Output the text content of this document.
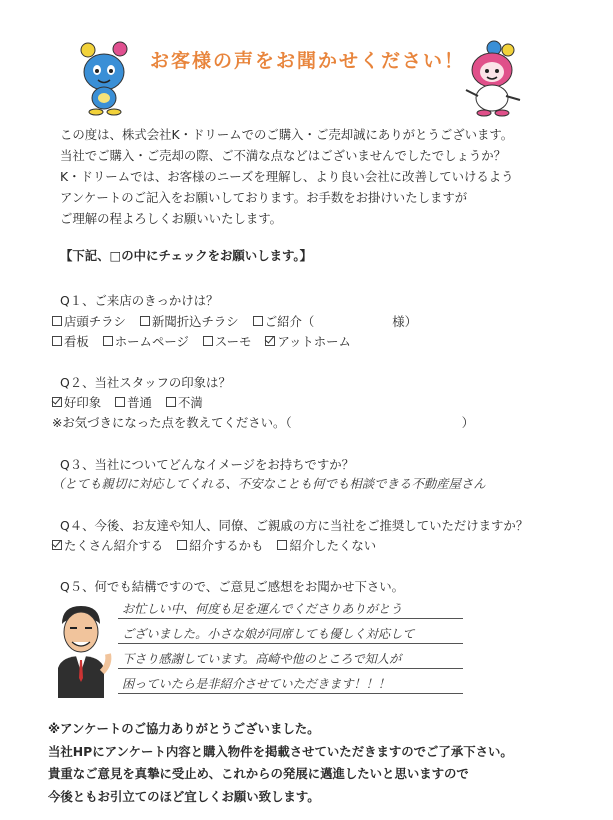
お客様の声をお聞かせください！
この度は、株式会社K・ドリームでのご購入・ご売却誠にありがとうございます。
当社でご購入・ご売却の際、ご不満な点などはございませんでしたでしょうか？
K・ドリームでは、お客様のニーズを理解し、より良い会社に改善していけるよう
アンケートのご記入をお願いしております。お手数をお掛けいたしますが
ご理解の程よろしくお願いいたします。
【下記、□の中にチェックをお願いします。】
Q１、ご来店のきっかけは？
店頭チラシ 新聞折込チラシ ご紹介（	様）
看板 ホームページ スーモ アットホーム
Q２、当社スタッフの印象は？
好印象 普通 不満
※お気づきになった点を教えてください。（	）
Q３、当社についてどんなイメージをお持ちですか？
（とても親切に対応してくれる、不安なことも何でも相談できる不動産屋さん
Q４、今後、お友達や知人、同僚、ご親戚の方に当社をご推奨していただけますか？
たくさん紹介する 紹介するかも 紹介したくない
Q５、何でも結構ですので、ご意見ご感想をお聞かせ下さい。
お忙しい中、何度も足を運んでくださりありがとう
ございました。小さな娘が同席しても優しく対応して
下さり感謝しています。高崎や他のところで知人が
困っていたら是非紹介させていただきます！！！
※アンケートのご協力ありがとうございました。
当社HPにアンケート内容と購入物件を掲載させていただきますのでご了承下さい。
貴重なご意見を真摯に受止め、これからの発展に邁進したいと思いますので
今後ともお引立てのほど宜しくお願い致します。
